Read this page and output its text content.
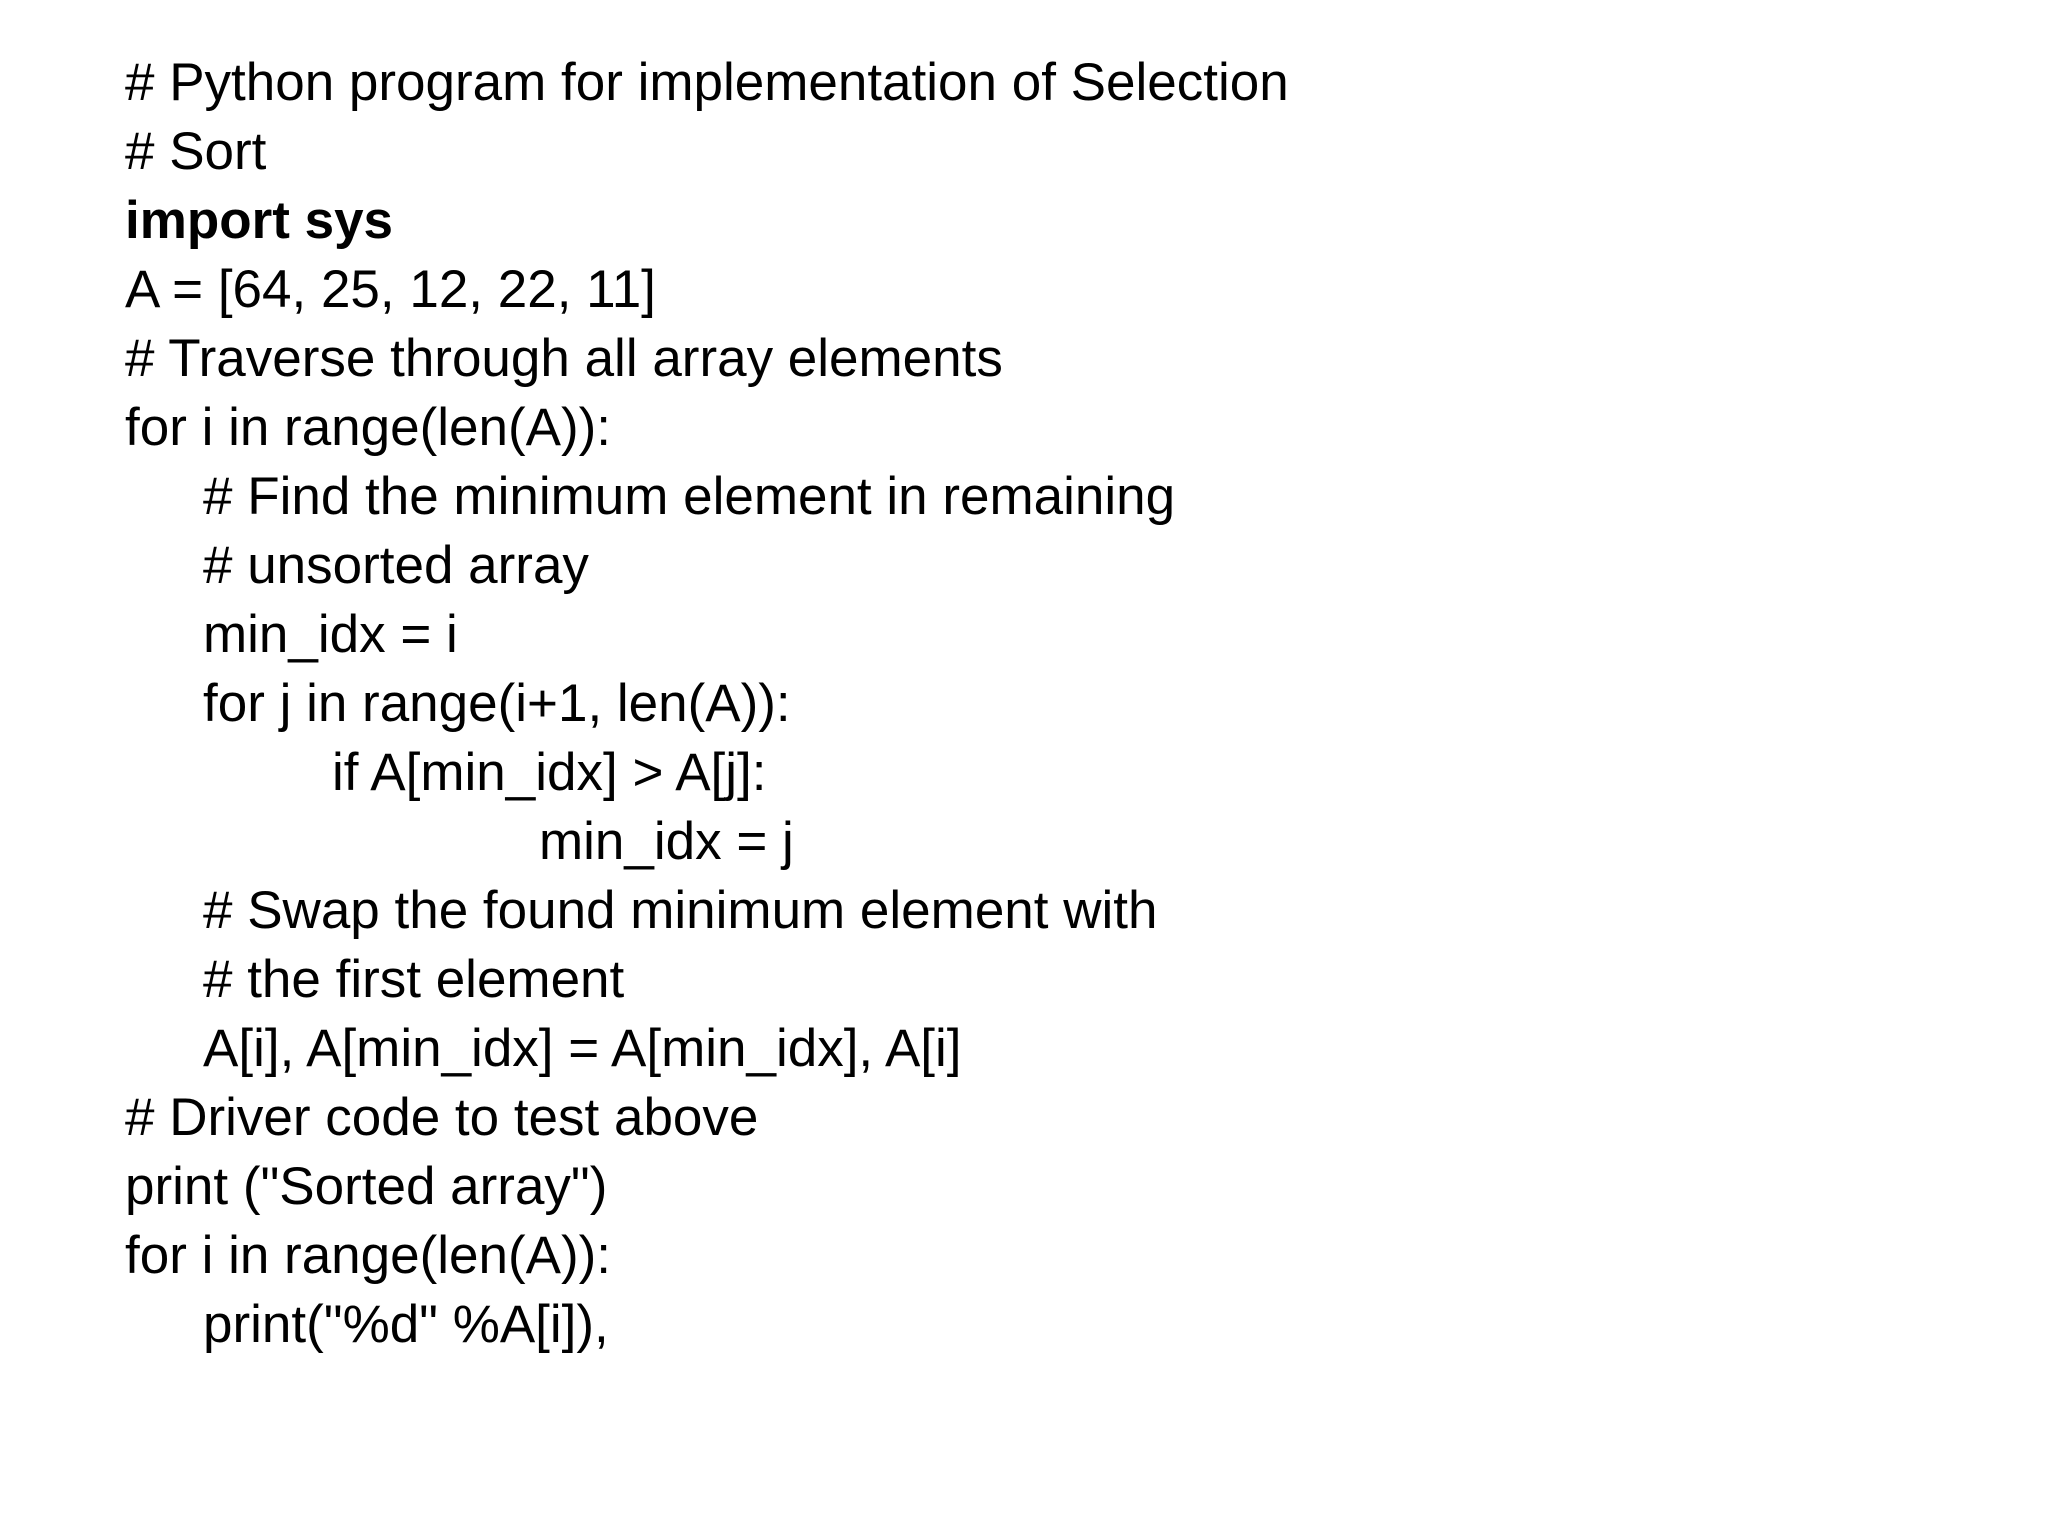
# Python program for implementation of Selection
# Sort
import sys
A = [64, 25, 12, 22, 11]
# Traverse through all array elements
for i in range(len(A)):
# Find the minimum element in remaining
# unsorted array
min_idx = i
for j in range(i+1, len(A)):
if A[min_idx] > A[j]:
min_idx = j
# Swap the found minimum element with
# the first element
A[i], A[min_idx] = A[min_idx], A[i]
# Driver code to test above
print ("Sorted array")
for i in range(len(A)):
print("%d" %A[i]),
